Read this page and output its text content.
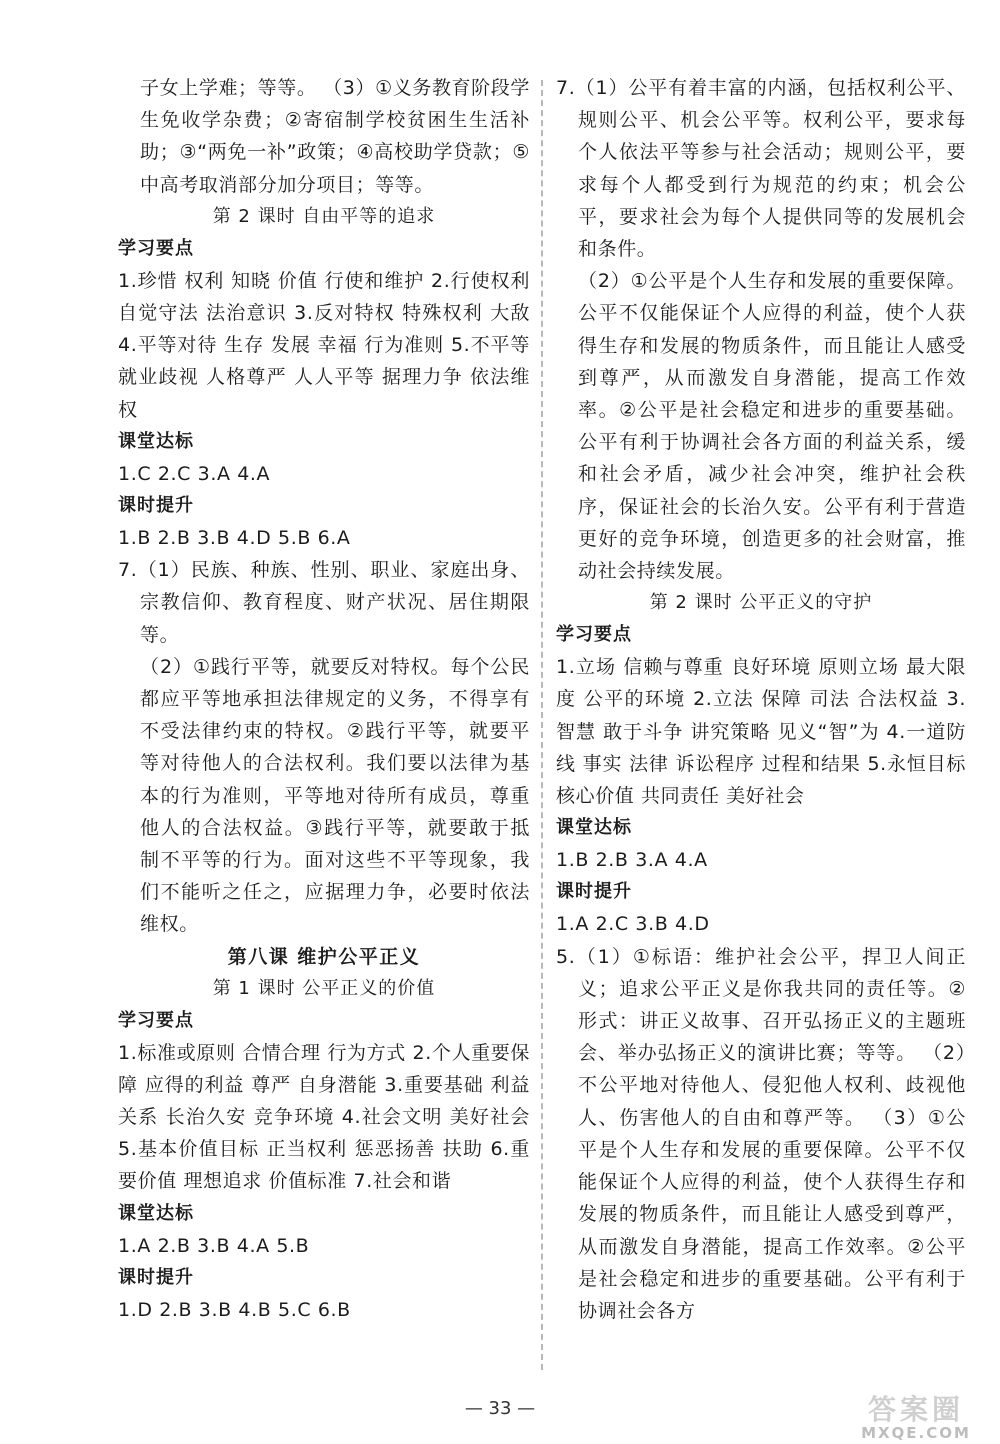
子女上学难；等等。 （3）①义务教育阶段学生免收学杂费；②寄宿制学校贫困生生活补助；③“两免一补”政策；④高校助学贷款；⑤中高考取消部分加分项目；等等。

第 2 课时 自由平等的追求
学习要点

1.珍惜 权利 知晓 价值 行使和维护 2.行使权利 自觉守法 法治意识 3.反对特权 特殊权利 大敌 4.平等对待 生存 发展 幸福 行为准则 5.不平等 就业歧视 人格尊严 人人平等 据理力争 依法维权

课堂达标

1.C 2.C 3.A 4.A

课时提升

1.B 2.B 3.B 4.D 5.B 6.A

7.（1）民族、种族、性别、职业、家庭出身、宗教信仰、教育程度、财产状况、居住期限等。

（2）①践行平等，就要反对特权。每个公民都应平等地承担法律规定的义务，不得享有不受法律约束的特权。②践行平等，就要平等对待他人的合法权利。我们要以法律为基本的行为准则，平等地对待所有成员，尊重他人的合法权益。③践行平等，就要敢于抵制不平等的行为。面对这些不平等现象，我们不能听之任之，应据理力争，必要时依法维权。

第八课 维护公平正义
第 1 课时 公平正义的价值
学习要点

1.标准或原则 合情合理 行为方式 2.个人重要保障 应得的利益 尊严 自身潜能 3.重要基础 利益关系 长治久安 竞争环境 4.社会文明 美好社会 5.基本价值目标 正当权利 惩恶扬善 扶助 6.重要价值 理想追求 价值标准 7.社会和谐

课堂达标

1.A 2.B 3.B 4.A 5.B

课时提升

1.D 2.B 3.B 4.B 5.C 6.B

7.（1）公平有着丰富的内涵，包括权利公平、规则公平、机会公平等。权利公平，要求每个人依法平等参与社会活动；规则公平，要求每个人都受到行为规范的约束；机会公平，要求社会为每个人提供同等的发展机会和条件。

（2）①公平是个人生存和发展的重要保障。公平不仅能保证个人应得的利益，使个人获得生存和发展的物质条件，而且能让人感受到尊严，从而激发自身潜能，提高工作效率。②公平是社会稳定和进步的重要基础。公平有利于协调社会各方面的利益关系，缓和社会矛盾，减少社会冲突，维护社会秩序，保证社会的长治久安。公平有利于营造更好的竞争环境，创造更多的社会财富，推动社会持续发展。

第 2 课时 公平正义的守护
学习要点

1.立场 信赖与尊重 良好环境 原则立场 最大限度 公平的环境 2.立法 保障 司法 合法权益 3.智慧 敢于斗争 讲究策略 见义“智”为 4.一道防线 事实 法律 诉讼程序 过程和结果 5.永恒目标 核心价值 共同责任 美好社会

课堂达标

1.B 2.B 3.A 4.A

课时提升

1.A 2.C 3.B 4.D

5.（1）①标语：维护社会公平，捍卫人间正义；追求公平正义是你我共同的责任等。②形式：讲正义故事、召开弘扬正义的主题班会、举办弘扬正义的演讲比赛；等等。 （2）不公平地对待他人、侵犯他人权利、歧视他人、伤害他人的自由和尊严等。 （3）①公平是个人生存和发展的重要保障。公平不仅能保证个人应得的利益，使个人获得生存和发展的物质条件，而且能让人感受到尊严，从而激发自身潜能，提高工作效率。②公平是社会稳定和进步的重要基础。公平有利于协调社会各方

— 33 —	答案圈
MXQE.COM
